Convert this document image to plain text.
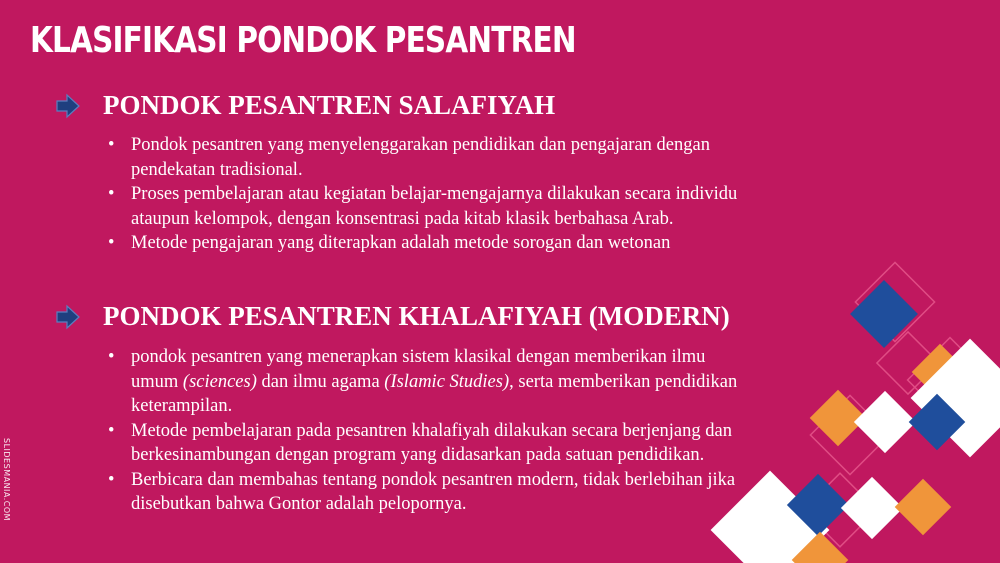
KLASIFIKASI PONDOK PESANTREN
PONDOK PESANTREN SALAFIYAH
• Pondok pesantren yang menyelenggarakan pendidikan dan pengajaran dengan pendekatan tradisional.
• Proses pembelajaran atau kegiatan belajar-mengajarnya dilakukan secara individu ataupun kelompok, dengan konsentrasi pada kitab klasik berbahasa Arab.
• Metode pengajaran yang diterapkan adalah metode sorogan dan wetonan
PONDOK PESANTREN KHALAFIYAH (MODERN)
• pondok pesantren yang menerapkan sistem klasikal dengan memberikan ilmu umum (sciences) dan ilmu agama (Islamic Studies), serta memberikan pendidikan keterampilan.
• Metode pembelajaran pada pesantren khalafiyah dilakukan secara berjenjang dan berkesinambungan dengan program yang didasarkan pada satuan pendidikan.
• Berbicara dan membahas tentang pondok pesantren modern, tidak berlebihan jika disebutkan bahwa Gontor adalah pelopornya.
SLIDESMANIA.COM
